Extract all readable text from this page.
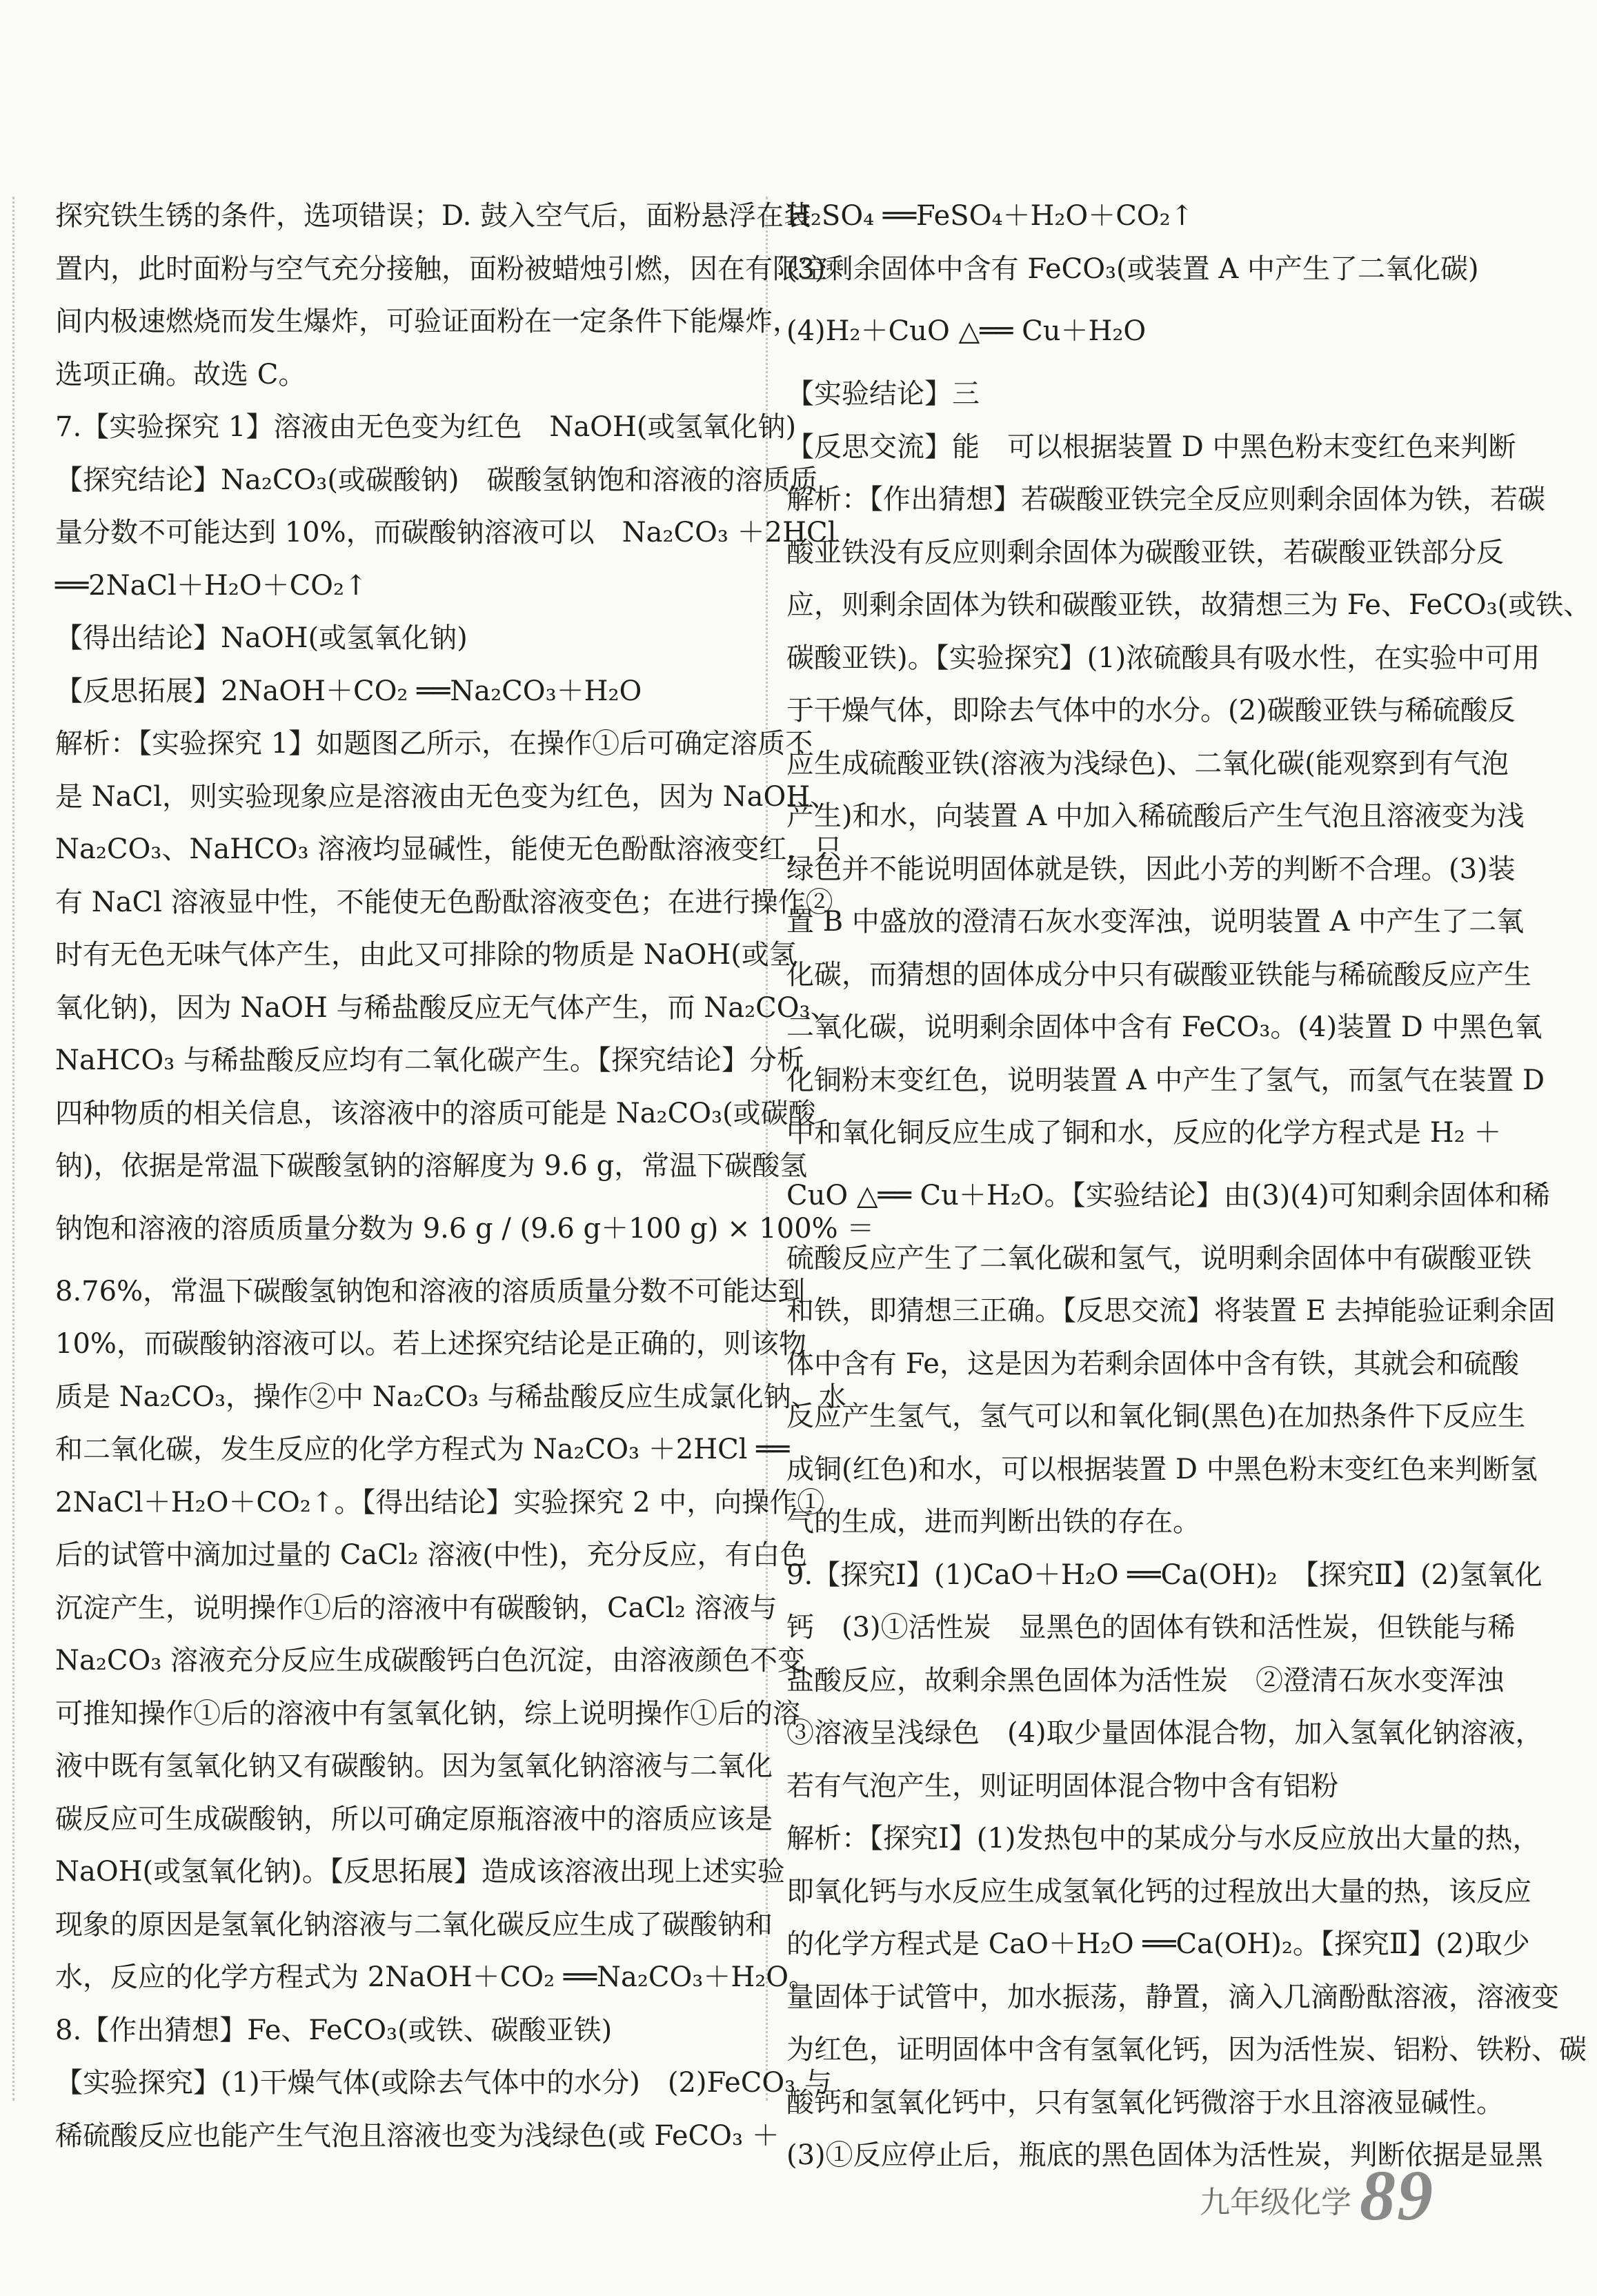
探究铁生锈的条件，选项错误；D. 鼓入空气后，面粉悬浮在装
置内，此时面粉与空气充分接触，面粉被蜡烛引燃，因在有限空
间内极速燃烧而发生爆炸，可验证面粉在一定条件下能爆炸，
选项正确。故选 C。
7.【实验探究 1】溶液由无色变为红色　NaOH(或氢氧化钠)
【探究结论】Na₂CO₃(或碳酸钠)　碳酸氢钠饱和溶液的溶质质
量分数不可能达到 10%，而碳酸钠溶液可以　Na₂CO₃ ＋2HCl
══2NaCl＋H₂O＋CO₂↑
【得出结论】NaOH(或氢氧化钠)
【反思拓展】2NaOH＋CO₂ ══Na₂CO₃＋H₂O
解析：【实验探究 1】如题图乙所示，在操作①后可确定溶质不
是 NaCl，则实验现象应是溶液由无色变为红色，因为 NaOH、
Na₂CO₃、NaHCO₃ 溶液均显碱性，能使无色酚酞溶液变红，只
有 NaCl 溶液显中性，不能使无色酚酞溶液变色；在进行操作②
时有无色无味气体产生，由此又可排除的物质是 NaOH(或氢
氧化钠)，因为 NaOH 与稀盐酸反应无气体产生，而 Na₂CO₃、
NaHCO₃ 与稀盐酸反应均有二氧化碳产生。【探究结论】分析
四种物质的相关信息，该溶液中的溶质可能是 Na₂CO₃(或碳酸
钠)，依据是常温下碳酸氢钠的溶解度为 9.6 g，常温下碳酸氢
钠饱和溶液的溶质质量分数为 9.6 g / (9.6 g＋100 g) × 100% ＝
8.76%，常温下碳酸氢钠饱和溶液的溶质质量分数不可能达到
10%，而碳酸钠溶液可以。若上述探究结论是正确的，则该物
质是 Na₂CO₃，操作②中 Na₂CO₃ 与稀盐酸反应生成氯化钠、水
和二氧化碳，发生反应的化学方程式为 Na₂CO₃ ＋2HCl ══
2NaCl＋H₂O＋CO₂↑。【得出结论】实验探究 2 中，向操作①
后的试管中滴加过量的 CaCl₂ 溶液(中性)，充分反应，有白色
沉淀产生，说明操作①后的溶液中有碳酸钠，CaCl₂ 溶液与
Na₂CO₃ 溶液充分反应生成碳酸钙白色沉淀，由溶液颜色不变
可推知操作①后的溶液中有氢氧化钠，综上说明操作①后的溶
液中既有氢氧化钠又有碳酸钠。因为氢氧化钠溶液与二氧化
碳反应可生成碳酸钠，所以可确定原瓶溶液中的溶质应该是
NaOH(或氢氧化钠)。【反思拓展】造成该溶液出现上述实验
现象的原因是氢氧化钠溶液与二氧化碳反应生成了碳酸钠和
水，反应的化学方程式为 2NaOH＋CO₂ ══Na₂CO₃＋H₂O。
8.【作出猜想】Fe、FeCO₃(或铁、碳酸亚铁)
【实验探究】(1)干燥气体(或除去气体中的水分)　(2)FeCO₃ 与
稀硫酸反应也能产生气泡且溶液也变为浅绿色(或 FeCO₃ ＋
H₂SO₄ ══FeSO₄＋H₂O＋CO₂↑
(3)剩余固体中含有 FeCO₃(或装置 A 中产生了二氧化碳)
(4)H₂＋CuO △══ Cu＋H₂O
【实验结论】三
【反思交流】能　可以根据装置 D 中黑色粉末变红色来判断
解析：【作出猜想】若碳酸亚铁完全反应则剩余固体为铁，若碳
酸亚铁没有反应则剩余固体为碳酸亚铁，若碳酸亚铁部分反
应，则剩余固体为铁和碳酸亚铁，故猜想三为 Fe、FeCO₃(或铁、
碳酸亚铁)。【实验探究】(1)浓硫酸具有吸水性，在实验中可用
于干燥气体，即除去气体中的水分。(2)碳酸亚铁与稀硫酸反
应生成硫酸亚铁(溶液为浅绿色)、二氧化碳(能观察到有气泡
产生)和水，向装置 A 中加入稀硫酸后产生气泡且溶液变为浅
绿色并不能说明固体就是铁，因此小芳的判断不合理。(3)装
置 B 中盛放的澄清石灰水变浑浊，说明装置 A 中产生了二氧
化碳，而猜想的固体成分中只有碳酸亚铁能与稀硫酸反应产生
二氧化碳，说明剩余固体中含有 FeCO₃。(4)装置 D 中黑色氧
化铜粉末变红色，说明装置 A 中产生了氢气，而氢气在装置 D
中和氧化铜反应生成了铜和水，反应的化学方程式是 H₂ ＋
CuO △══ Cu＋H₂O。【实验结论】由(3)(4)可知剩余固体和稀
硫酸反应产生了二氧化碳和氢气，说明剩余固体中有碳酸亚铁
和铁，即猜想三正确。【反思交流】将装置 E 去掉能验证剩余固
体中含有 Fe，这是因为若剩余固体中含有铁，其就会和硫酸
反应产生氢气，氢气可以和氧化铜(黑色)在加热条件下反应生
成铜(红色)和水，可以根据装置 D 中黑色粉末变红色来判断氢
气的生成，进而判断出铁的存在。
9.【探究Ⅰ】(1)CaO＋H₂O ══Ca(OH)₂　【探究Ⅱ】(2)氢氧化
钙　(3)①活性炭　显黑色的固体有铁和活性炭，但铁能与稀
盐酸反应，故剩余黑色固体为活性炭　②澄清石灰水变浑浊
③溶液呈浅绿色　(4)取少量固体混合物，加入氢氧化钠溶液，
若有气泡产生，则证明固体混合物中含有铝粉
解析：【探究Ⅰ】(1)发热包中的某成分与水反应放出大量的热，
即氧化钙与水反应生成氢氧化钙的过程放出大量的热，该反应
的化学方程式是 CaO＋H₂O ══Ca(OH)₂。【探究Ⅱ】(2)取少
量固体于试管中，加水振荡，静置，滴入几滴酚酞溶液，溶液变
为红色，证明固体中含有氢氧化钙，因为活性炭、铝粉、铁粉、碳
酸钙和氢氧化钙中，只有氢氧化钙微溶于水且溶液显碱性。
(3)①反应停止后，瓶底的黑色固体为活性炭，判断依据是显黑
九年级化学 89
